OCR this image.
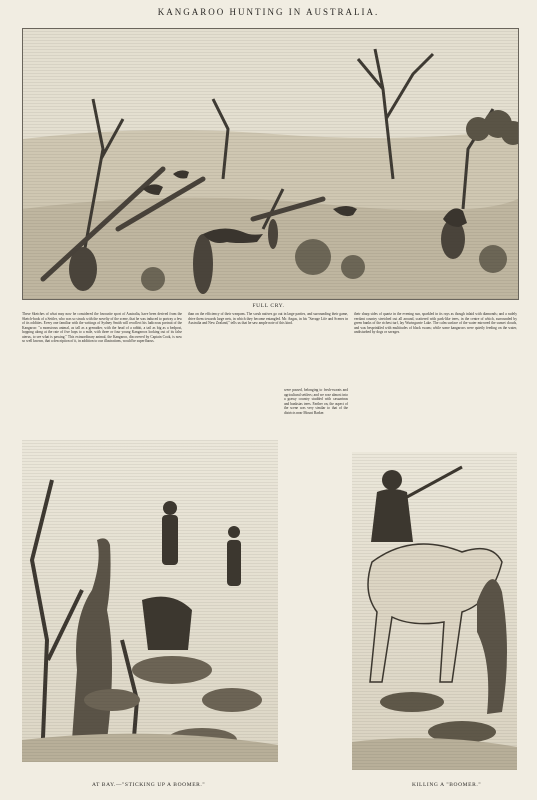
KANGAROO HUNTING IN AUSTRALIA.
FULL CRY.
These Sketches of what may now be considered the favourite sport of Australia, have been derived from the Sketch-book of a Settler, who was so struck with the novelty of the scene, that he was induced to portray a few of its oddities. Every one familiar with the writings of Sydney Smith will recollect his ludicrous portrait of the Kangaroo: "a monstrous animal, as tall as a grenadier, with the head of a rabbit, a tail as big as a bedpost, hopping along at the rate of five hops to a mile, with three or four young Kangaroos looking out of its false uterus, to see what is passing." This extraordinary animal, the Kangaroo, discovered by Captain Cook, is now so well known, that a description of it, in addition to our illustrations, would be superfluous.
than on the efficiency of their weapons. The scrub natives go out in large parties, and surrounding their game, drive them towards large nets, in which they become entangled. Mr. Angas, in his "Savage Life and Scenes in Australia and New Zealand," tells us that he saw ample note of this kind.
were passed, belonging to fresh-sweats and agricultural settlers; and we rose almost into a grassy country studded with casuarinas and banksias trees. Farther on, the aspect of the scene was very similar to that of the districts near Mount Barker.
their sharp sides of quartz in the evening sun, sparkled in its rays as though inlaid with diamonds; and a rudely verdant country stretched out all around, scattered with park-like trees, in the centre of which, surrounded by green banks of the richest turf, lay Wuringurrie Lake. The calm surface of the water mirrored the sunset clouds, and was besprinkled with multitudes of black swans; while some kangaroos were quietly feeding on the water, undisturbed by dogs or savages.
AT BAY.—"STICKING UP A BOOMER."	KILLING A "BOOMER."
